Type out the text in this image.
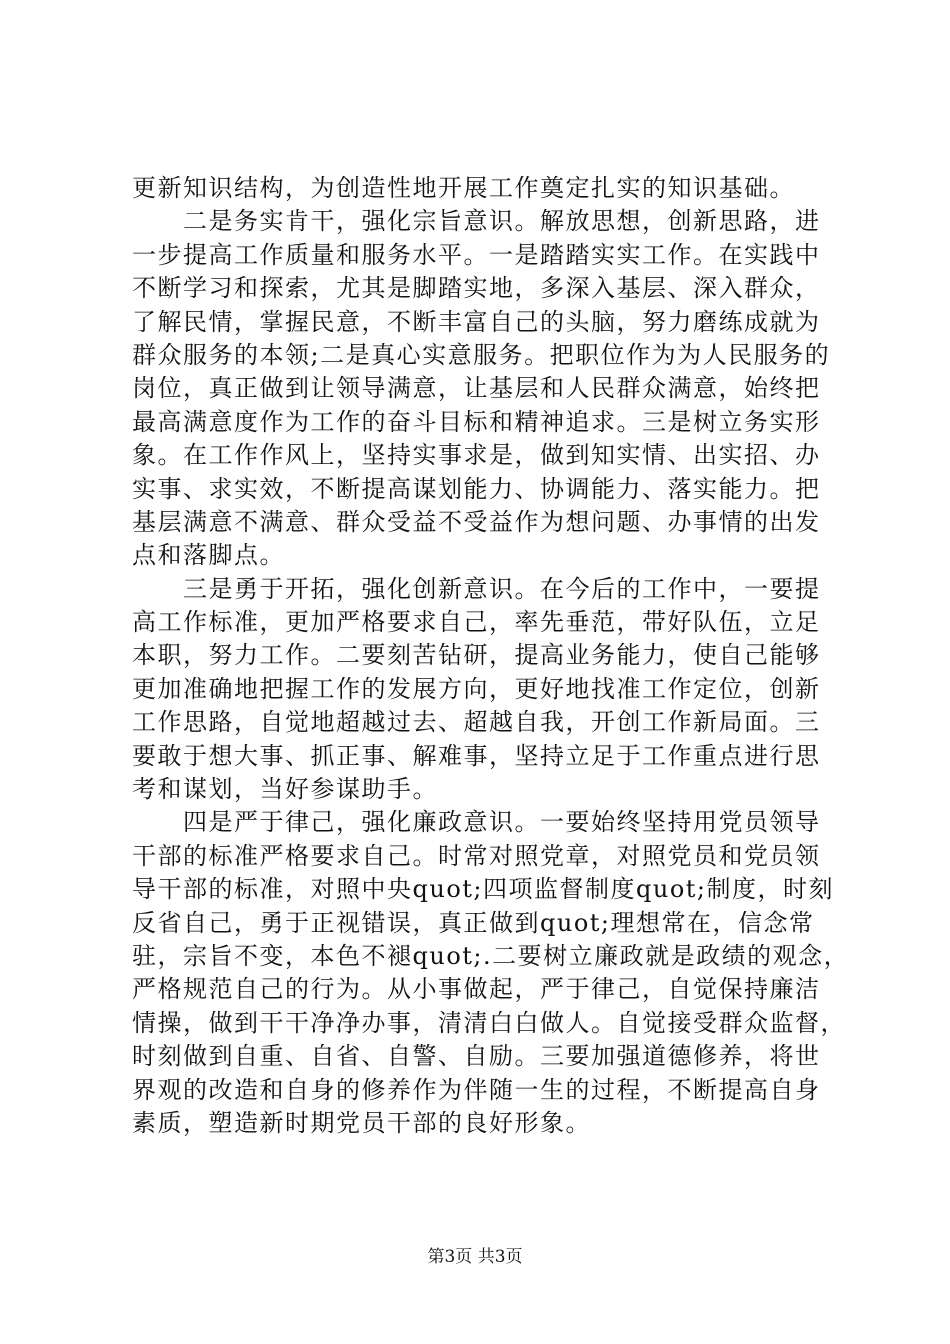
更新知识结构，为创造性地开展工作奠定扎实的知识基础。
　　二是务实肯干，强化宗旨意识。解放思想，创新思路，进
一步提高工作质量和服务水平。一是踏踏实实工作。在实践中
不断学习和探索，尤其是脚踏实地，多深入基层、深入群众，
了解民情，掌握民意，不断丰富自己的头脑，努力磨练成就为
群众服务的本领;二是真心实意服务。把职位作为为人民服务的
岗位，真正做到让领导满意，让基层和人民群众满意，始终把
最高满意度作为工作的奋斗目标和精神追求。三是树立务实形
象。在工作作风上，坚持实事求是，做到知实情、出实招、办
实事、求实效，不断提高谋划能力、协调能力、落实能力。把
基层满意不满意、群众受益不受益作为想问题、办事情的出发
点和落脚点。
　　三是勇于开拓，强化创新意识。在今后的工作中，一要提
高工作标准，更加严格要求自己，率先垂范，带好队伍，立足
本职，努力工作。二要刻苦钻研，提高业务能力，使自己能够
更加准确地把握工作的发展方向，更好地找准工作定位，创新
工作思路，自觉地超越过去、超越自我，开创工作新局面。三
要敢于想大事、抓正事、解难事，坚持立足于工作重点进行思
考和谋划，当好参谋助手。
　　四是严于律己，强化廉政意识。一要始终坚持用党员领导
干部的标准严格要求自己。时常对照党章，对照党员和党员领
导干部的标准，对照中央quot;四项监督制度quot;制度，时刻
反省自己，勇于正视错误，真正做到quot;理想常在，信念常
驻，宗旨不变，本色不褪quot;.二要树立廉政就是政绩的观念，
严格规范自己的行为。从小事做起，严于律己，自觉保持廉洁
情操，做到干干净净办事，清清白白做人。自觉接受群众监督，
时刻做到自重、自省、自警、自励。三要加强道德修养，将世
界观的改造和自身的修养作为伴随一生的过程，不断提高自身
素质，塑造新时期党员干部的良好形象。
第3页 共3页
